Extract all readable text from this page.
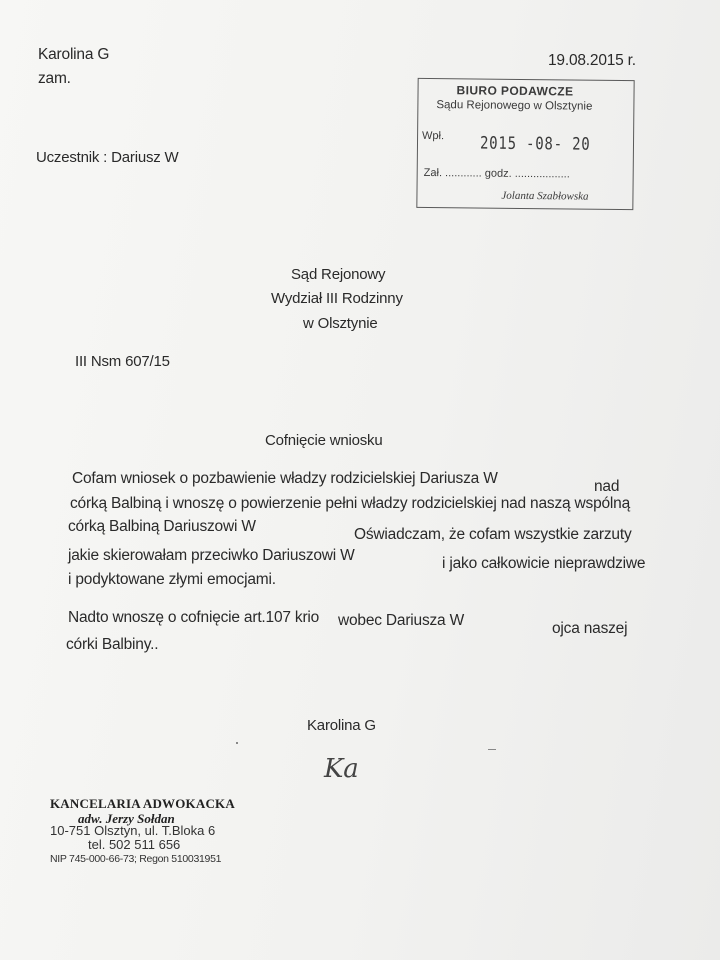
Karolina G
zam.
19.08.2015 r.
Uczestnik : Dariusz W
BIURO PODAWCZE
Sądu Rejonowego w Olsztynie
Wpł. 2015 -08- 20
Zał. ............ godz. ..................
Jolanta Szabłowska
Sąd Rejonowy
Wydział III Rodzinny
w Olsztynie
III Nsm 607/15
Cofnięcie wniosku
Cofam wniosek o pozbawienie władzy rodzicielskiej Dariusza W	nad
córką Balbiną i wnoszę o powierzenie pełni władzy rodzicielskiej nad naszą wspólną
córką Balbiną Dariuszowi W	Oświadczam, że cofam wszystkie zarzuty
jakie skierowałam przeciwko Dariuszowi W	i jako całkowicie nieprawdziwe
i podyktowane złymi emocjami.
Nadto wnoszę o cofnięcie art.107 krio wobec Dariusza W	ojca naszej
córki Balbiny..
Karolina G
Ka
KANCELARIA ADWOKACKA
adw. Jerzy Sołdan
10-751 Olsztyn, ul. T.Bloka 6
tel. 502 511 656
NIP 745-000-66-73; Regon 510031951
